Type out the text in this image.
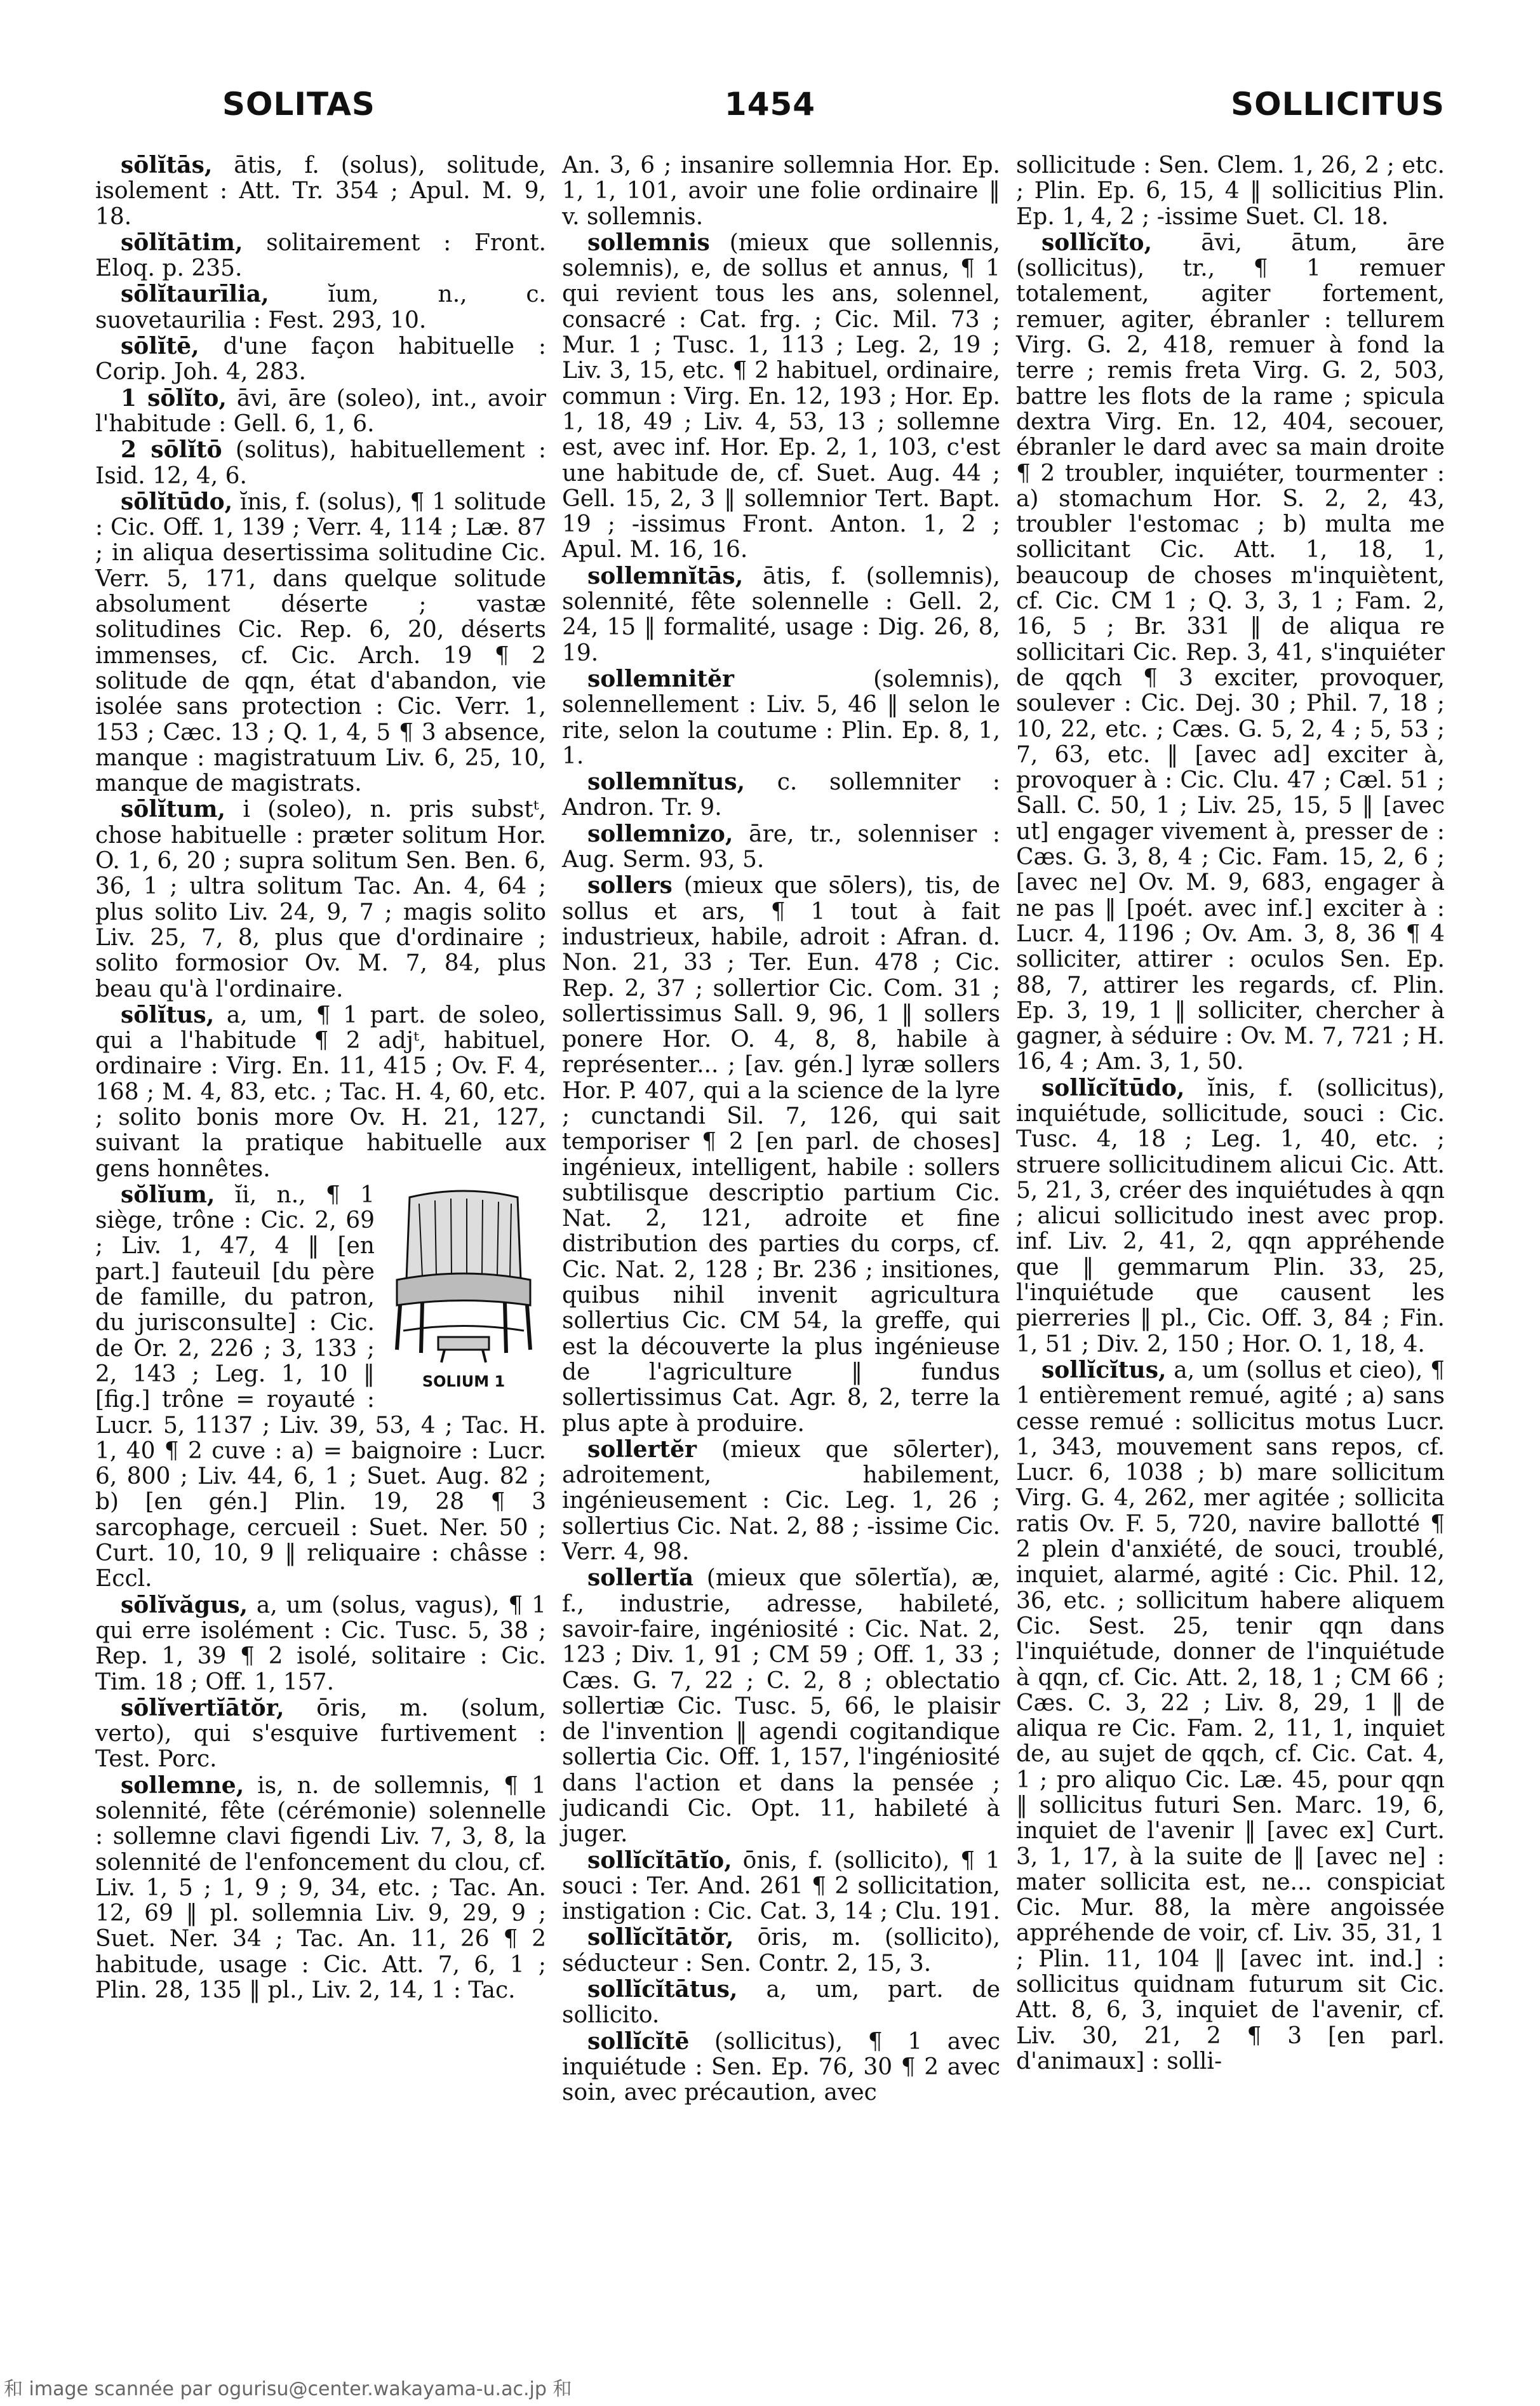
SOLITAS	1454	SOLLICITUS

sōlĭtās, ātis, f. (solus), solitude, isolement : Att. Tr. 354 ; Apul. M. 9, 18.

sōlĭtātim, solitairement : Front. Eloq. p. 235.

sōlĭtaurīlia, ĭum, n., c. suovetaurilia : Fest. 293, 10.

sōlĭtē, d'une façon habituelle : Corip. Joh. 4, 283.

1 sōlĭto, āvi, āre (soleo), int., avoir l'habitude : Gell. 6, 1, 6.

2 sōlĭtō (solitus), habituellement : Isid. 12, 4, 6.

sōlĭtūdo, ĭnis, f. (solus), ¶ 1 solitude : Cic. Off. 1, 139 ; Verr. 4, 114 ; Læ. 87 ; in aliqua desertissima solitudine Cic. Verr. 5, 171, dans quelque solitude absolument déserte ; vastæ solitudines Cic. Rep. 6, 20, déserts immenses, cf. Cic. Arch. 19 ¶ 2 solitude de qqn, état d'abandon, vie isolée sans protection : Cic. Verr. 1, 153 ; Cæc. 13 ; Q. 1, 4, 5 ¶ 3 absence, manque : magistratuum Liv. 6, 25, 10, manque de magistrats.

sōlĭtum, i (soleo), n. pris substᵗ, chose habituelle : præter solitum Hor. O. 1, 6, 20 ; supra solitum Sen. Ben. 6, 36, 1 ; ultra solitum Tac. An. 4, 64 ; plus solito Liv. 24, 9, 7 ; magis solito Liv. 25, 7, 8, plus que d'ordinaire ; solito formosior Ov. M. 7, 84, plus beau qu'à l'ordinaire.

sōlĭtus, a, um, ¶ 1 part. de soleo, qui a l'habitude ¶ 2 adjᵗ, habituel, ordinaire : Virg. En. 11, 415 ; Ov. F. 4, 168 ; M. 4, 83, etc. ; Tac. H. 4, 60, etc. ; solito bonis more Ov. H. 21, 127, suivant la pratique habituelle aux gens honnêtes.

SOLIUM 1

sŏlĭum, ĭi, n., ¶ 1 siège, trône : Cic. 2, 69 ; Liv. 1, 47, 4 ‖ [en part.] fauteuil [du père de famille, du patron, du jurisconsulte] : Cic. de Or. 2, 226 ; 3, 133 ; 2, 143 ; Leg. 1, 10 ‖ [fig.] trône = royauté : Lucr. 5, 1137 ; Liv. 39, 53, 4 ; Tac. H. 1, 40 ¶ 2 cuve : a) = baignoire : Lucr. 6, 800 ; Liv. 44, 6, 1 ; Suet. Aug. 82 ; b) [en gén.] Plin. 19, 28 ¶ 3 sarcophage, cercueil : Suet. Ner. 50 ; Curt. 10, 10, 9 ‖ reliquaire : châsse : Eccl.

sōlĭvăgus, a, um (solus, vagus), ¶ 1 qui erre isolément : Cic. Tusc. 5, 38 ; Rep. 1, 39 ¶ 2 isolé, solitaire : Cic. Tim. 18 ; Off. 1, 157.

sōlĭvertĭātŏr, ōris, m. (solum, verto), qui s'esquive furtivement : Test. Porc.

sollemne, is, n. de sollemnis, ¶ 1 solennité, fête (cérémonie) solennelle : sollemne clavi figendi Liv. 7, 3, 8, la solennité de l'enfoncement du clou, cf. Liv. 1, 5 ; 1, 9 ; 9, 34, etc. ; Tac. An. 12, 69 ‖ pl. sollemnia Liv. 9, 29, 9 ; Suet. Ner. 34 ; Tac. An. 11, 26 ¶ 2 habitude, usage : Cic. Att. 7, 6, 1 ; Plin. 28, 135 ‖ pl., Liv. 2, 14, 1 : Tac.

An. 3, 6 ; insanire sollemnia Hor. Ep. 1, 1, 101, avoir une folie ordinaire ‖ v. sollemnis.

sollemnis (mieux que sollennis, solemnis), e, de sollus et annus, ¶ 1 qui revient tous les ans, solennel, consacré : Cat. frg. ; Cic. Mil. 73 ; Mur. 1 ; Tusc. 1, 113 ; Leg. 2, 19 ; Liv. 3, 15, etc. ¶ 2 habituel, ordinaire, commun : Virg. En. 12, 193 ; Hor. Ep. 1, 18, 49 ; Liv. 4, 53, 13 ; sollemne est, avec inf. Hor. Ep. 2, 1, 103, c'est une habitude de, cf. Suet. Aug. 44 ; Gell. 15, 2, 3 ‖ sollemnior Tert. Bapt. 19 ; -issimus Front. Anton. 1, 2 ; Apul. M. 16, 16.

sollemnĭtās, ātis, f. (sollemnis), solennité, fête solennelle : Gell. 2, 24, 15 ‖ formalité, usage : Dig. 26, 8, 19.

sollemnitĕr (solemnis), solennellement : Liv. 5, 46 ‖ selon le rite, selon la coutume : Plin. Ep. 8, 1, 1.

sollemnĭtus, c. sollemniter : Andron. Tr. 9.

sollemnizo, āre, tr., solenniser : Aug. Serm. 93, 5.

sollers (mieux que sōlers), tis, de sollus et ars, ¶ 1 tout à fait industrieux, habile, adroit : Afran. d. Non. 21, 33 ; Ter. Eun. 478 ; Cic. Rep. 2, 37 ; sollertior Cic. Com. 31 ; sollertissimus Sall. 9, 96, 1 ‖ sollers ponere Hor. O. 4, 8, 8, habile à représenter... ; [av. gén.] lyræ sollers Hor. P. 407, qui a la science de la lyre ; cunctandi Sil. 7, 126, qui sait temporiser ¶ 2 [en parl. de choses] ingénieux, intelligent, habile : sollers subtilisque descriptio partium Cic. Nat. 2, 121, adroite et fine distribution des parties du corps, cf. Cic. Nat. 2, 128 ; Br. 236 ; insitiones, quibus nihil invenit agricultura sollertius Cic. CM 54, la greffe, qui est la découverte la plus ingénieuse de l'agriculture ‖ fundus sollertissimus Cat. Agr. 8, 2, terre la plus apte à produire.

sollertĕr (mieux que sōlerter), adroitement, habilement, ingénieusement : Cic. Leg. 1, 26 ; sollertius Cic. Nat. 2, 88 ; -issime Cic. Verr. 4, 98.

sollertĭa (mieux que sōlertĭa), æ, f., industrie, adresse, habileté, savoir-faire, ingéniosité : Cic. Nat. 2, 123 ; Div. 1, 91 ; CM 59 ; Off. 1, 33 ; Cæs. G. 7, 22 ; C. 2, 8 ; oblectatio sollertiæ Cic. Tusc. 5, 66, le plaisir de l'invention ‖ agendi cogitandique sollertia Cic. Off. 1, 157, l'ingéniosité dans l'action et dans la pensée ; judicandi Cic. Opt. 11, habileté à juger.

sollĭcĭtātĭo, ōnis, f. (sollicito), ¶ 1 souci : Ter. And. 261 ¶ 2 sollicitation, instigation : Cic. Cat. 3, 14 ; Clu. 191.

sollĭcĭtātŏr, ōris, m. (sollicito), séducteur : Sen. Contr. 2, 15, 3.

sollĭcĭtātus, a, um, part. de sollicito.

sollĭcĭtē (sollicitus), ¶ 1 avec inquiétude : Sen. Ep. 76, 30 ¶ 2 avec soin, avec précaution, avec

sollicitude : Sen. Clem. 1, 26, 2 ; etc. ; Plin. Ep. 6, 15, 4 ‖ sollicitius Plin. Ep. 1, 4, 2 ; -issime Suet. Cl. 18.

sollĭcĭto, āvi, ātum, āre (sollicitus), tr., ¶ 1 remuer totalement, agiter fortement, remuer, agiter, ébranler : tellurem Virg. G. 2, 418, remuer à fond la terre ; remis freta Virg. G. 2, 503, battre les flots de la rame ; spicula dextra Virg. En. 12, 404, secouer, ébranler le dard avec sa main droite ¶ 2 troubler, inquiéter, tourmenter : a) stomachum Hor. S. 2, 2, 43, troubler l'estomac ; b) multa me sollicitant Cic. Att. 1, 18, 1, beaucoup de choses m'inquiètent, cf. Cic. CM 1 ; Q. 3, 3, 1 ; Fam. 2, 16, 5 ; Br. 331 ‖ de aliqua re sollicitari Cic. Rep. 3, 41, s'inquiéter de qqch ¶ 3 exciter, provoquer, soulever : Cic. Dej. 30 ; Phil. 7, 18 ; 10, 22, etc. ; Cæs. G. 5, 2, 4 ; 5, 53 ; 7, 63, etc. ‖ [avec ad] exciter à, provoquer à : Cic. Clu. 47 ; Cæl. 51 ; Sall. C. 50, 1 ; Liv. 25, 15, 5 ‖ [avec ut] engager vivement à, presser de : Cæs. G. 3, 8, 4 ; Cic. Fam. 15, 2, 6 ; [avec ne] Ov. M. 9, 683, engager à ne pas ‖ [poét. avec inf.] exciter à : Lucr. 4, 1196 ; Ov. Am. 3, 8, 36 ¶ 4 solliciter, attirer : oculos Sen. Ep. 88, 7, attirer les regards, cf. Plin. Ep. 3, 19, 1 ‖ solliciter, chercher à gagner, à séduire : Ov. M. 7, 721 ; H. 16, 4 ; Am. 3, 1, 50.

sollĭcĭtūdo, ĭnis, f. (sollicitus), inquiétude, sollicitude, souci : Cic. Tusc. 4, 18 ; Leg. 1, 40, etc. ; struere sollicitudinem alicui Cic. Att. 5, 21, 3, créer des inquiétudes à qqn ; alicui sollicitudo inest avec prop. inf. Liv. 2, 41, 2, qqn appréhende que ‖ gemmarum Plin. 33, 25, l'inquiétude que causent les pierreries ‖ pl., Cic. Off. 3, 84 ; Fin. 1, 51 ; Div. 2, 150 ; Hor. O. 1, 18, 4.

sollĭcĭtus, a, um (sollus et cieo), ¶ 1 entièrement remué, agité ; a) sans cesse remué : sollicitus motus Lucr. 1, 343, mouvement sans repos, cf. Lucr. 6, 1038 ; b) mare sollicitum Virg. G. 4, 262, mer agitée ; sollicita ratis Ov. F. 5, 720, navire ballotté ¶ 2 plein d'anxiété, de souci, troublé, inquiet, alarmé, agité : Cic. Phil. 12, 36, etc. ; sollicitum habere aliquem Cic. Sest. 25, tenir qqn dans l'inquiétude, donner de l'inquiétude à qqn, cf. Cic. Att. 2, 18, 1 ; CM 66 ; Cæs. C. 3, 22 ; Liv. 8, 29, 1 ‖ de aliqua re Cic. Fam. 2, 11, 1, inquiet de, au sujet de qqch, cf. Cic. Cat. 4, 1 ; pro aliquo Cic. Læ. 45, pour qqn ‖ sollicitus futuri Sen. Marc. 19, 6, inquiet de l'avenir ‖ [avec ex] Curt. 3, 1, 17, à la suite de ‖ [avec ne] : mater sollicita est, ne... conspiciat Cic. Mur. 88, la mère angoissée appréhende de voir, cf. Liv. 35, 31, 1 ; Plin. 11, 104 ‖ [avec int. ind.] : sollicitus quidnam futurum sit Cic. Att. 8, 6, 3, inquiet de l'avenir, cf. Liv. 30, 21, 2 ¶ 3 [en parl. d'animaux] : solli-

和 image scannée par ogurisu@center.wakayama-u.ac.jp 和
